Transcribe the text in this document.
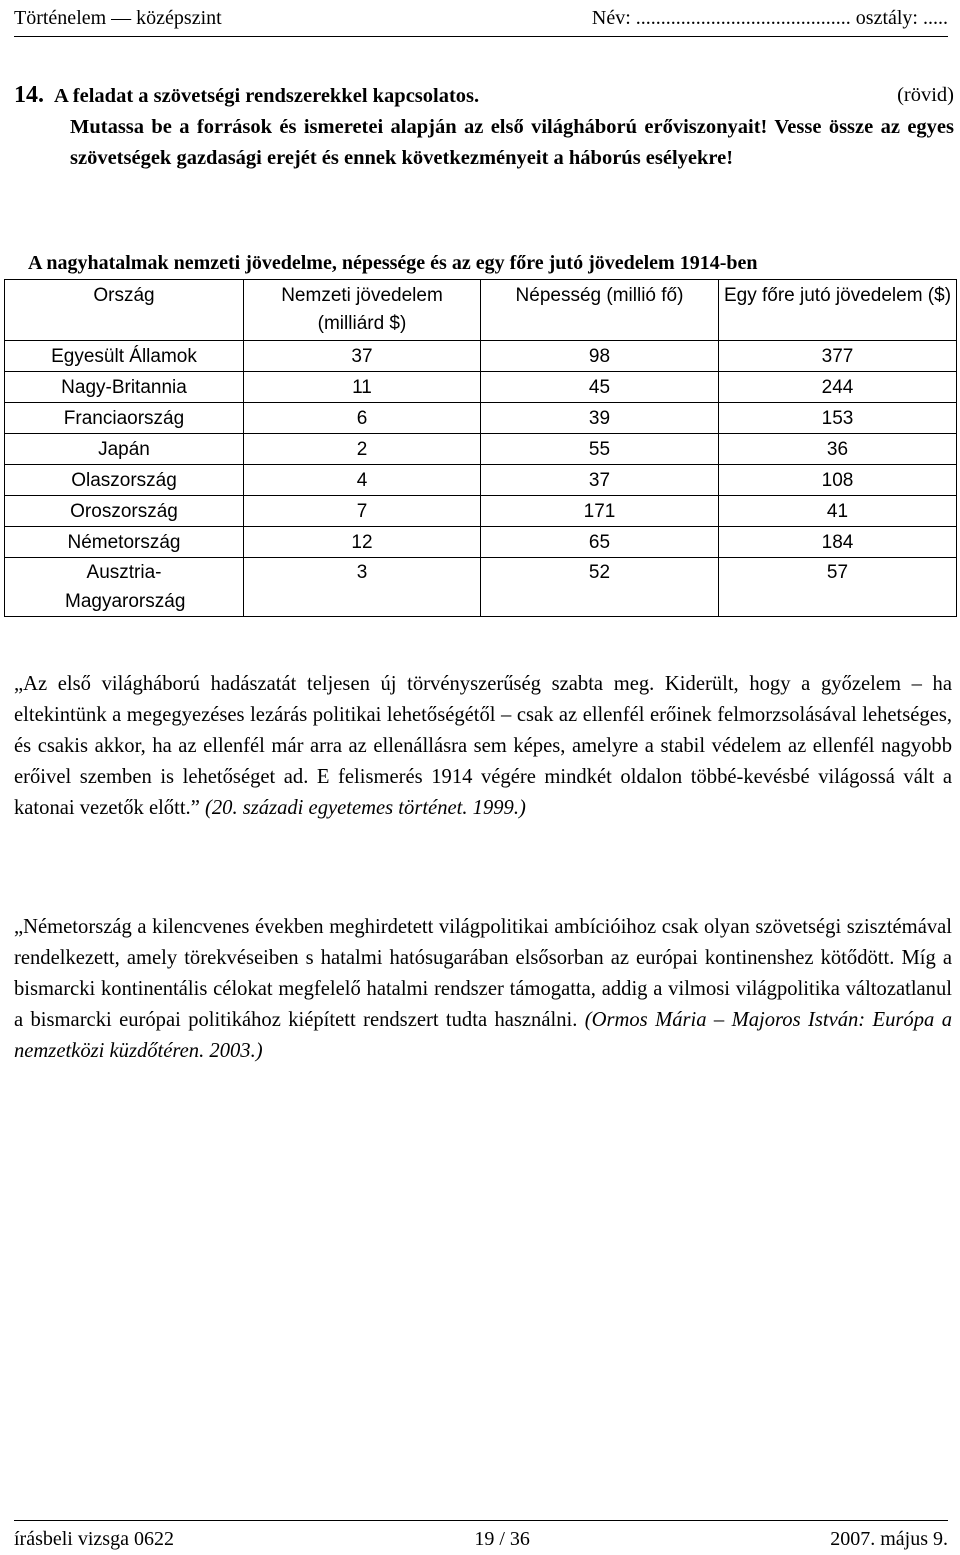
Történelem — középszint	Név: ........................................... osztály: .....
14. A feladat a szövetségi rendszerekkel kapcsolatos.	(rövid)
Mutassa be a források és ismeretei alapján az első világháború erőviszonyait! Vesse össze az egyes szövetségek gazdasági erejét és ennek következményeit a háborús esélyekre!
A nagyhatalmak nemzeti jövedelme, népessége és az egy főre jutó jövedelem 1914-ben
Ország	Nemzeti jövedelem (milliárd $)	Népesség (millió fő)	Egy főre jutó jövedelem ($)
Egyesült Államok	37	98	377
Nagy-Britannia	11	45	244
Franciaország	6	39	153
Japán	2	55	36
Olaszország	4	37	108
Oroszország	7	171	41
Németország	12	65	184
Ausztria-Magyarország	3	52	57
„Az első világháború hadászatát teljesen új törvényszerűség szabta meg. Kiderült, hogy a győzelem – ha eltekintünk a megegyezéses lezárás politikai lehetőségétől – csak az ellenfél erőinek felmorzsolásával lehetséges, és csakis akkor, ha az ellenfél már arra az ellenállásra sem képes, amelyre a stabil védelem az ellenfél nagyobb erőivel szemben is lehetőséget ad. E felismerés 1914 végére mindkét oldalon többé-kevésbé világossá vált a katonai vezetők előtt.” (20. századi egyetemes történet. 1999.)
„Németország a kilencvenes években meghirdetett világpolitikai ambícióihoz csak olyan szövetségi szisztémával rendelkezett, amely törekvéseiben s hatalmi hatósugarában elsősorban az európai kontinenshez kötődött. Míg a bismarcki kontinentális célokat megfelelő hatalmi rendszer támogatta, addig a vilmosi világpolitika változatlanul a bismarcki európai politikához kiépített rendszert tudta használni. (Ormos Mária – Majoros István: Európa a nemzetközi küzdőtéren. 2003.)
írásbeli vizsga 0622	19 / 36	2007. május 9.
